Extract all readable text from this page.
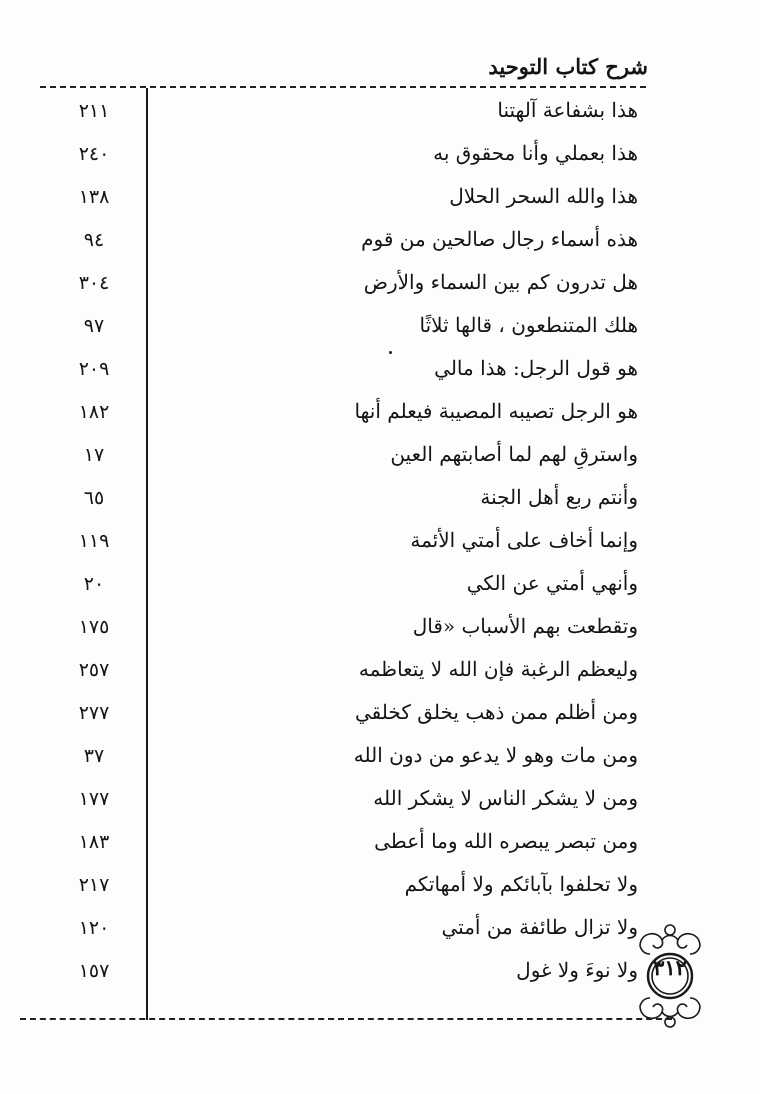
شرح كتاب التوحيد
هذا بشفاعة آلهتنا
٢١١
هذا بعملي وأنا محقوق به
٢٤٠
هذا والله السحر الحلال
١٣٨
هذه أسماء رجال صالحين من قوم
٩٤
هل تدرون كم بين السماء والأرض
٣٠٤
هلك المتنطعون ، قالها ثلاثًا
٩٧
هو قول الرجل: هذا مالي
٢٠٩
هو الرجل تصيبه المصيبة فيعلم أنها
١٨٢
واسترقِ لهم لما أصابتهم العين
١٧
وأنتم ربع أهل الجنة
٦٥
وإنما أخاف على أمتي الأئمة
١١٩
وأنهي أمتي عن الكي
٢٠
وتقطعت بهم الأسباب «قال
١٧٥
وليعظم الرغبة فإن الله لا يتعاظمه
٢٥٧
ومن أظلم ممن ذهب يخلق كخلقي
٢٧٧
ومن مات وهو لا يدعو من دون الله
٣٧
ومن لا يشكر الناس لا يشكر الله
١٧٧
ومن تبصر يبصره الله وما أعطى
١٨٣
ولا تحلفوا بآبائكم ولا أمهاتكم
٢١٧
ولا تزال طائفة من أمتي
١٢٠
ولا نوءَ ولا غول
١٥٧	٣١٢
